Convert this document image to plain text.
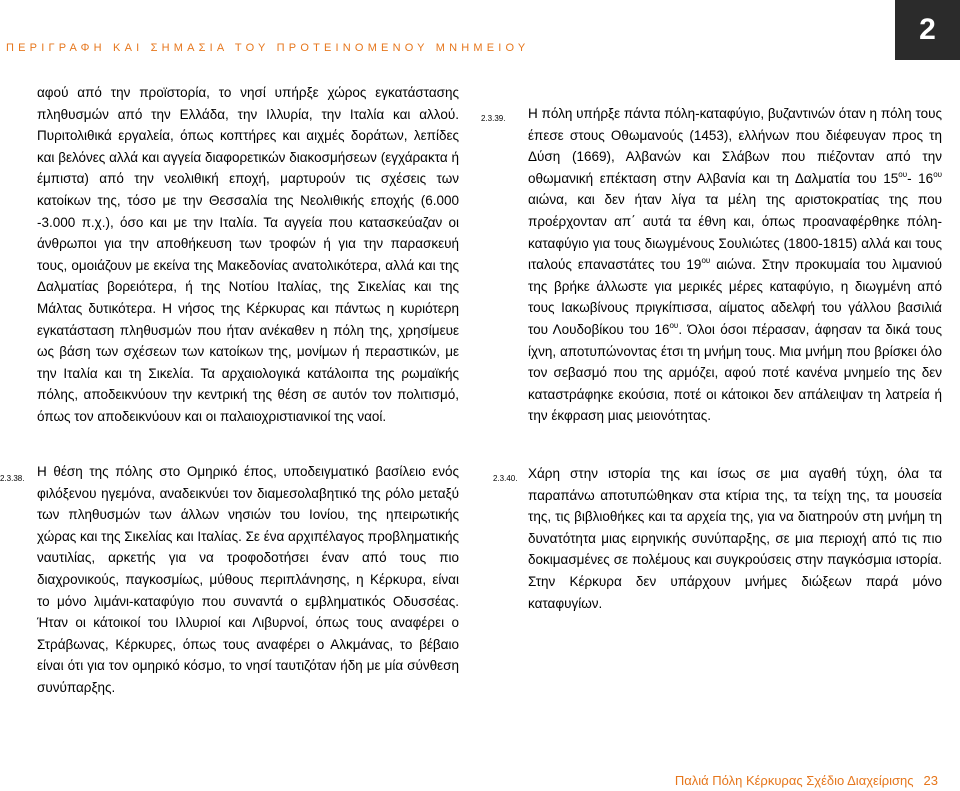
ΠΕΡΙΓΡΑΦΗ ΚΑΙ ΣΗΜΑΣΙΑ ΤΟΥ ΠΡΟΤΕΙΝΟΜΕΝΟΥ ΜΝΗΜΕΙΟΥ
2

αφού από την προϊστορία, το νησί υπήρξε χώρος εγκατάστασης πληθυσμών από την Ελλάδα, την Ιλλυρία, την Ιταλία και αλλού. Πυριτολιθικά εργαλεία, όπως κοπτήρες και αιχμές δοράτων, λεπίδες και βελόνες αλλά και αγγεία διαφορετικών διακοσμήσεων (εγχάρακτα ή έμπιστα) από την νεολιθική εποχή, μαρτυρούν τις σχέσεις των κατοίκων της, τόσο με την Θεσσαλία της Νεολιθικής εποχής (6.000 -3.000 π.χ.), όσο και με την Ιταλία. Τα αγγεία που κατασκεύαζαν οι άνθρωποι για την αποθήκευση των τροφών ή για την παρασκευή τους, ομοιάζουν με εκείνα της Μακεδονίας ανατολικότερα, αλλά και της Δαλματίας βορειότερα, ή της Νοτίου Ιταλίας, της Σικελίας και της Μάλτας δυτικότερα. Η νήσος της Κέρκυρας και πάντως η κυριότερη εγκατάσταση πληθυσμών που ήταν ανέκαθεν η πόλη της, χρησίμευε ως βάση των σχέσεων των κατοίκων της, μονίμων ή περαστικών, με την Ιταλία και τη Σικελία. Τα αρχαιολογικά κατάλοιπα της ρωμαϊκής πόλης, αποδεικνύουν την κεντρική της θέση σε αυτόν τον πολιτισμό, όπως τον αποδεικνύουν και οι παλαιοχριστιανικοί της ναοί.

2.3.39. Η πόλη υπήρξε πάντα πόλη-καταφύγιο, βυζαντινών όταν η πόλη τους έπεσε στους Οθωμανούς (1453), ελλήνων που διέφευγαν προς τη Δύση (1669), Αλβανών και Σλάβων που πιέζονταν από την οθωμανική επέκταση στην Αλβανία και τη Δαλματία του $15^{o\upsilon}-$ $16^{o\upsilon}$ αιώνα, και δεν ήταν λίγα τα μέλη της αριστοκρατίας της που προέρχονταν απ΄ αυτά τα έθνη και, όπως προαναφέρθηκε πόλη-καταφύγιο για τους διωγμένους Σουλιώτες (1800-1815) αλλά και τους ιταλούς επαναστάτες του $19^{o\upsilon}$ αιώνα. Στην προκυμαία του λιμανιού της βρήκε άλλωστε για μερικές μέρες καταφύγιο, η διωγμένη από τους Ιακωβίνους πριγκίπισσα, αίματος αδελφή του γάλλου βασιλιά του Λουδοβίκου του $16^{o\upsilon}$. Όλοι όσοι πέρασαν, άφησαν τα δικά τους ίχνη, αποτυπώνοντας έτσι τη μνήμη τους. Μια μνήμη που βρίσκει όλο τον σεβασμό που της αρμόζει, αφού ποτέ κανένα μνημείο της δεν καταστράφηκε εκούσια, ποτέ οι κάτοικοι δεν απάλειψαν τη λατρεία ή την έκφραση μιας μειονότητας.

2.3.38. Η θέση της πόλης στο Ομηρικό έπος, υποδειγματικό βασίλειο ενός φιλόξενου ηγεμόνα, αναδεικνύει τον διαμεσολαβητικό της ρόλο μεταξύ των πληθυσμών των άλλων νησιών του Ιονίου, της ηπειρωτικής χώρας και της Σικελίας και Ιταλίας. Σε ένα αρχιπέλαγος προβληματικής ναυτιλίας, αρκετής για να τροφοδοτήσει έναν από τους πιο διαχρονικούς, παγκοσμίως, μύθους περιπλάνησης, η Κέρκυρα, είναι το μόνο λιμάνι-καταφύγιο που συναντά ο εμβληματικός Οδυσσέας. Ήταν οι κάτοικοί του Ιλλυριοί και Λιβυρνοί, όπως τους αναφέρει ο Στράβωνας, Κέρκυρες, όπως τους αναφέρει ο Αλκμάνας, το βέβαιο είναι ότι για τον ομηρικό κόσμο, το νησί ταυτιζόταν ήδη με μία σύνθεση συνύπαρξης.

2.3.40. Χάρη στην ιστορία της και ίσως σε μια αγαθή τύχη, όλα τα παραπάνω αποτυπώθηκαν στα κτίρια της, τα τείχη της, τα μουσεία της, τις βιβλιοθήκες και τα αρχεία της, για να διατηρούν στη μνήμη τη δυνατότητα μιας ειρηνικής συνύπαρξης, σε μια περιοχή από τις πιο δοκιμασμένες σε πολέμους και συγκρούσεις στην παγκόσμια ιστορία. Στην Κέρκυρα δεν υπάρχουν μνήμες διώξεων παρά μόνο καταφυγίων.

Παλιά Πόλη Κέρκυρας Σχέδιο Διαχείρισης 23
